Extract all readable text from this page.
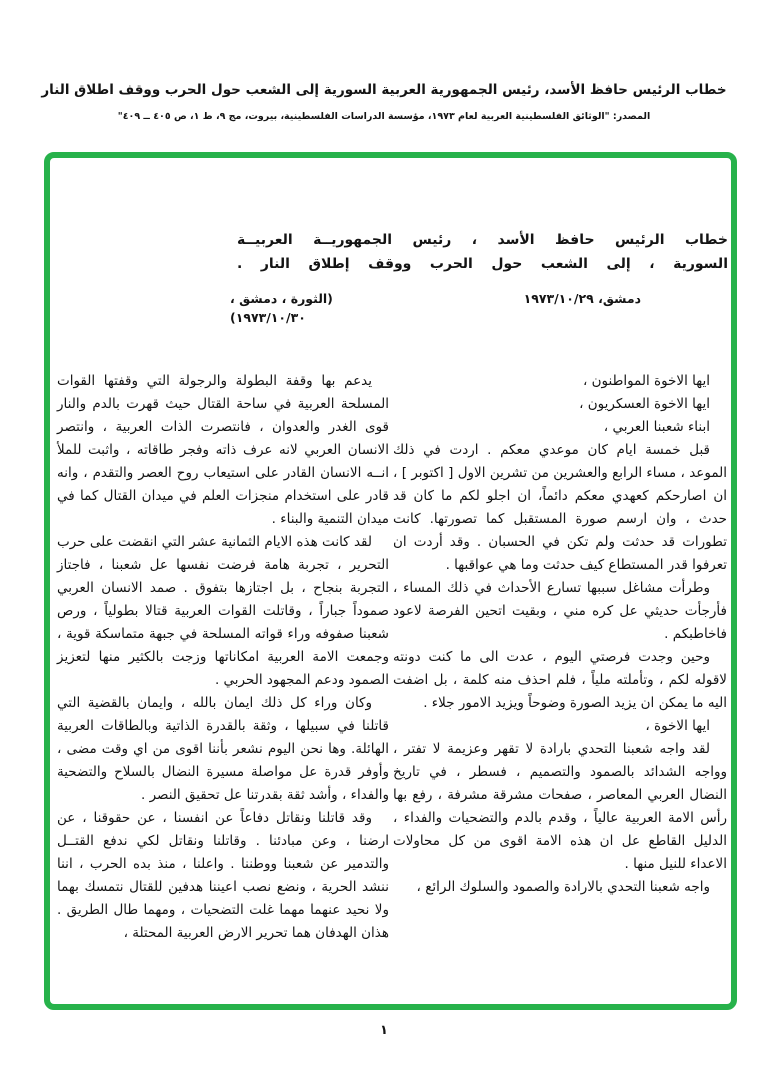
خطاب الرئيس حافظ الأسد، رئيس الجمهورية العربية السورية إلى الشعب حول الحرب ووقف اطلاق النار
المصدر: "الوثائق الفلسطينية العربية لعام ١٩٧٣، مؤسسة الدراسات الفلسطينية، بيروت، مج ٩، ط ١، ص ٤٠٥ ــ ٤٠٩"
خطاب الرئيس حافظ الأسد ، رئيس الجمهوريــة العربيــة
السورية ، إلى الشعب حول الحرب ووقف إطلاق النار .
دمشق، ١٩٧٣/١٠/٢٩
(الثورة ، دمشق ،
١٩٧٣/١٠/٣٠)

ايها الاخوة المواطنون ،

ايها الاخوة العسكريون ،

ابناء شعبنا العربي ،

قبل خمسة ايام كان موعدي معكم . اردت في ذلك الموعد ، مساء الرابع والعشرين من تشرين الاول [ اكتوبر ] ، ان اصارحكم كعهدي معكم دائماً، ان اجلو لكم ما كان قد حدث ، وان ارسم صورة المستقبل كما تصورتها. كانت تطورات قد حدثت ولم تكن في الحسبان . وقد أردت ان تعرفوا قدر المستطاع كيف حدثت وما هي عواقبها .

وطرأت مشاغل سببها تسارع الأحداث في ذلك المساء ، فأرجأت حديثي عل كره مني ، وبقيت اتحين الفرصة لاعود فاخاطبكم .

وحين وجدت فرصتي اليوم ، عدت الى ما كنت دونته لاقوله لكم ، وتأملته ملياً ، فلم احذف منه كلمة ، بل اضفت اليه ما يمكن ان يزيد الصورة وضوحاً ويزيد الامور جلاء .

ايها الاخوة ،

لقد واجه شعبنا التحدي بارادة لا تقهر وعزيمة لا تفتر ، وواجه الشدائد بالصمود والتصميم ، فسطر ، في تاريخ النضال العربي المعاصر ، صفحات مشرقة مشرفة ، رفع بها رأس الامة العربية عالياً ، وقدم بالدم والتضحيات والفداء ، الدليل القاطع عل ان هذه الامة اقوى من كل محاولات الاعداء للنيل منها .

واجه شعبنا التحدي بالارادة والصمود والسلوك الرائع ،

يدعم بها وقفة البطولة والرجولة التي وقفتها القوات المسلحة العربية في ساحة القتال حيث قهرت بالدم والنار قوى الغدر والعدوان ، فانتصرت الذات العربية ، وانتصر الانسان العربي لانه عرف ذاته وفجر طاقاته ، واثبت للملأ انــه الانسان القادر على استيعاب روح العصر والتقدم ، وانه قادر على استخدام منجزات العلم في ميدان القتال كما في ميدان التنمية والبناء .

لقد كانت هذه الايام الثمانية عشر التي انقضت على حرب التحرير ، تجربة هامة فرضت نفسها عل شعبنا ، فاجتاز التجربة بنجاح ، بل اجتازها بتفوق . صمد الانسان العربي صموداً جباراً ، وقاتلت القوات العربية قتالا بطولياً ، ورص شعبنا صفوفه وراء قواته المسلحة في جبهة متماسكة قوية ، وجمعت الامة العربية امكاناتها وزجت بالكثير منها لتعزيز الصمود ودعم المجهود الحربي .

وكان وراء كل ذلك ايمان بالله ، وايمان بالقضية التي قاتلنا في سبيلها ، وثقة بالقدرة الذاتية وبالطاقات العربية الهائلة. وها نحن اليوم نشعر بأننا اقوى من اي وقت مضى ، وأوفر قدرة عل مواصلة مسيرة النضال بالسلاح والتضحية والفداء ، وأشد ثقة بقدرتنا عل تحقيق النصر .

وقد قاتلنا ونقاتل دفاعاً عن انفسنا ، عن حقوقنا ، عن ارضنا ، وعن مبادئنا . وقاتلنا ونقاتل لكي ندفع القتــل والتدمير عن شعبنا ووطننا . واعلنا ، منذ بده الحرب ، اننا ننشد الحرية ، ونضع نصب اعيننا هدفين للقتال نتمسك بهما ولا نحيد عنهما مهما غلت التضحيات ، ومهما طال الطريق . هذان الهدفان هما تحرير الارض العربية المحتلة ،

١
